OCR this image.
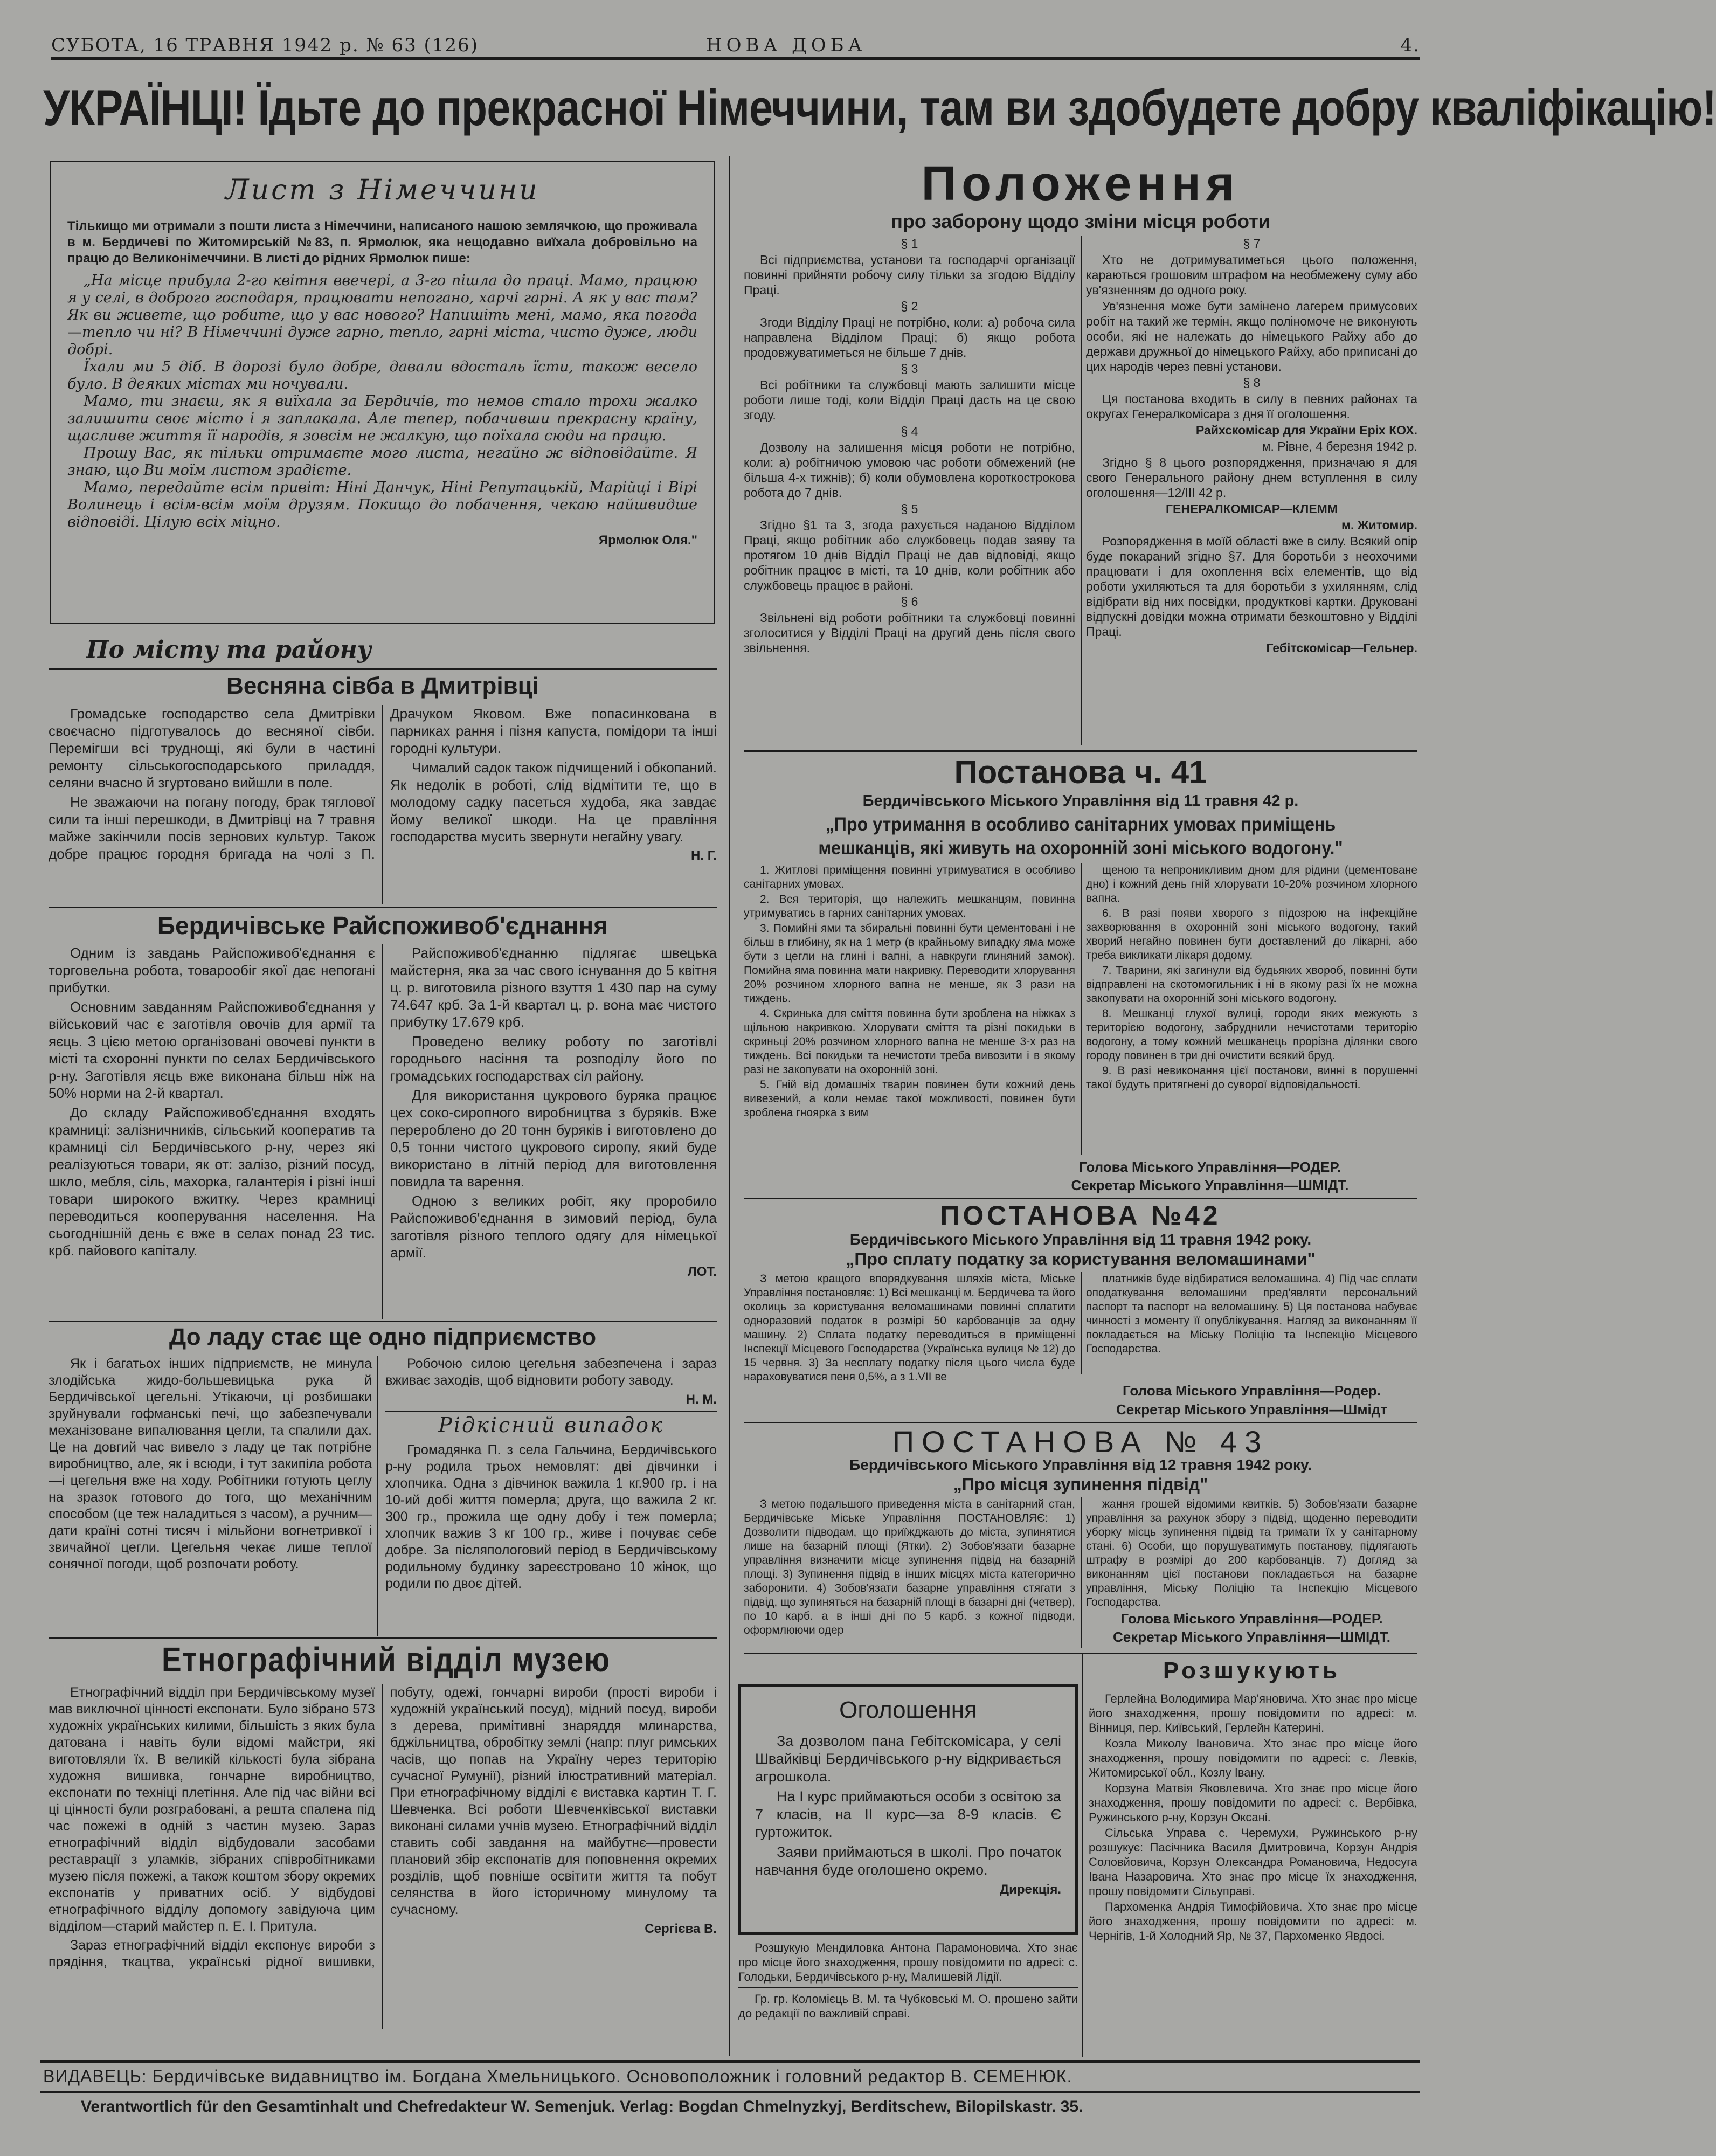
СУБОТА, 16 ТРАВНЯ 1942 р. № 63 (126)	НОВА ДОБА	4.
УКРАЇНЦІ! Їдьте до прекрасної Німеччини, там ви здобудете добру кваліфікацію!
Лист з Німеччини
Тількищо ми отримали з пошти листа з Німеччини, написаного нашою землячкою, що проживала в м. Бердичеві по Житомирській №83, п. Ярмолюк, яка нещодавно виїхала добровільно на працю до Великонімеччини. В листі до рідних Ярмолюк пише:

„На місце прибула 2-го квітня ввечері, а 3-го пішла до праці. Мамо, працюю я у селі, в доброго господаря, працювати непогано, харчі гарні. А як у вас там? Як ви живете, що робите, що у вас нового? Напишіть мені, мамо, яка погода—тепло чи ні? В Німеччині дуже гарно, тепло, гарні міста, чисто дуже, люди добрі.

Їхали ми 5 діб. В дорозі було добре, давали вдосталь їсти, також весело було. В деяких містах ми ночували.

Мамо, ти знаєш, як я виїхала за Бердичів, то немов стало трохи жалко залишити своє місто і я заплакала. Але тепер, побачивши прекрасну країну, щасливе життя її народів, я зовсім не жалкую, що поїхала сюди на працю.

Прошу Вас, як тільки отримаєте мого листа, негайно ж відповідайте. Я знаю, що Ви моїм листом зрадієте.

Мамо, передайте всім привіт: Ніні Данчук, Ніні Репутацькій, Марійці і Вірі Волинець і всім-всім моїм друзям. Покищо до побачення, чекаю найшвидше відповіді. Цілую всіх міцно.

Ярмолюк Оля."
По місту та району
Весняна сівба в Дмитрівці

Громадське господарство села Дмитрівки своєчасно підготувалось до весняної сівби. Перемігши всі труднощі, які були в частині ремонту сільськогосподарського приладдя, селяни вчасно й згуртовано вийшли в поле.

Не зважаючи на погану погоду, брак тяглової сили та інші перешкоди, в Дмитрівці на 7 травня майже закінчили посів зернових культур. Також добре працює городня бригада на чолі з П. Драчуком Яковом. Вже попасинкована в парниках рання і пізня капуста, помідори та інші городні культури.

Чималий садок також підчищений і обкопаний. Як недолік в роботі, слід відмітити те, що в молодому садку пасеться худоба, яка завдає йому великої шкоди. На це правління господарства мусить звернути негайну увагу.

Н. Г.
Бердичівське Райспоживоб'єднання

Одним із завдань Райспоживоб'єднання є торговельна робота, товарообіг якої дає непогані прибутки.

Основним завданням Райспоживоб'єднання у військовий час є заготівля овочів для армії та яєць. З цією метою організовані овочеві пункти в місті та схоронні пункти по селах Бердичівського р-ну. Заготівля яєць вже виконана більш ніж на 50% норми на 2-й квартал.

До складу Райспоживоб'єднання входять крамниці: залізничників, сільський кооператив та крамниці сіл Бердичівського р-ну, через які реалізуються товари, як от: залізо, різний посуд, шкло, мебля, сіль, махорка, галантерія і різні інші товари широкого вжитку. Через крамниці переводиться кооперування населення. На сьогоднішній день є вже в селах понад 23 тис. крб. пайового капіталу.

Райспоживоб'єднанню підлягає швецька майстерня, яка за час свого існування до 5 квітня ц. р. виготовила різного взуття 1 430 пар на суму 74.647 крб. За 1-й квартал ц. р. вона має чистого прибутку 17.679 крб.

Проведено велику роботу по заготівлі городнього насіння та розподілу його по громадських господарствах сіл району.

Для використання цукрового буряка працює цех соко-сиропного виробництва з буряків. Вже переробленo до 20 тонн буряків і виготовлено до 0,5 тонни чистого цукрового сиропу, який буде використано в літній період для виготовлення повидла та варення.

Одною з великих робіт, яку проробило Райспоживоб'єднання в зимовий період, була заготівля різного теплого одягу для німецької армії.

ЛОТ.
До ладу стає ще одно підприємство

Як і багатьох інших підприємств, не минула злодійська жидо-большевицька рука й Бердичівської цегельні. Утікаючи, ці розбишаки зруйнували гофманські печі, що забезпечували механізоване випалювання цегли, та спалили дах. Це на довгий час вивело з ладу це так потрібне виробництво, але, як і всюди, і тут закипіла робота—і цегельня вже на ходу. Робітники готують цеглу на зразок готового до того, що механічним способом (це теж наладиться з часом), а ручним—дати країні сотні тисяч і мільйони вогнетривкої і звичайної цегли. Цегельня чекає лише теплої сонячної погоди, щоб розпочати роботу.

Робочою силою цегельня забезпечена і зараз вживає заходів, щоб відновити роботу заводу.

Н. М.
Рідкісний випадок

Громадянка П. з села Гальчина, Бердичівського р-ну родила трьох немовлят: дві дівчинки і хлопчика. Одна з дівчинок важила 1 кг.900 гр. і на 10-ий добі життя померла; друга, що важила 2 кг. 300 гр., прожила ще одну добу і теж померла; хлопчик важив 3 кг 100 гр., живе і почуває себе добре. За післяпологовий період в Бердичівському родильному будинку зареєстровано 10 жінок, що родили по двоє дітей.

Етнографічний відділ музею

Етнографічний відділ при Бердичівському музеї мав виключної цінності експонати. Було зібрано 573 художніх українських килими, більшість з яких була датована і навіть були відомі майстри, які виготовляли їх. В великій кількості була зібрана художня вишивка, гончарне виробництво, експонати по техніці плетіння. Але під час війни всі ці цінності були розграбовані, а решта спалена під час пожежі в одній з частин музею. Зараз етнографічний відділ відбудовали засобами реставрації з уламків, зібраних співробітниками музею після пожежі, а також коштом збору окремих експонатів у приватних осіб. У відбудові етнографічного відділу допомогу завідуюча цим відділом—старий майстер п. Е. І. Притула.

Зараз етнографічний відділ експонує вироби з прядіння, ткацтва, українські рідної вишивки, побуту, одежі, гончарні вироби (прості вироби і художній український посуд), мідний посуд, вироби з дерева, примітивні знаряддя млинарства, бджільництва, обробітку землі (напр: плуг римських часів, що попав на Україну через територію сучасної Румунії), різний ілюстративний матеріал. При етнографічному відділі є виставка картин Т. Г. Шевченка. Всі роботи Шевченківської виставки виконані силами учнів музею. Етнографічний відділ ставить собі завдання на майбутнє—провести плановий збір експонатів для поповнення окремих розділів, щоб повніше освітити життя та побут селянства в його історичному минулому та сучасному.

Сергієва В.
Положення
про заборону щодо зміни місця роботи

§ 1

Всі підприємства, установи та господарчі організації повинні прийняти робочу силу тільки за згодою Відділу Праці.

§ 2

Згоди Відділу Праці не потрібно, коли: а) робоча сила направлена Відділом Праці; б) якщо робота продовжуватиметься не більше 7 днів.

§ 3

Всі робітники та службовці мають залишити місце роботи лише тоді, коли Відділ Праці дасть на це свою згоду.

§ 4

Дозволу на залишення місця роботи не потрібно, коли: а) робітничою умовою час роботи обмежений (не більша 4-х тижнів); б) коли обумовлена короткострокова робота до 7 днів.

§ 5

Згідно §1 та 3, згода рахується наданою Відділом Праці, якщо робітник або службовець подав заяву та протягом 10 днів Відділ Праці не дав відповіді, якщо робітник працює в місті, та 10 днів, коли робітник або службовець працює в районі.

§ 6

Звільнені від роботи робітники та службовці повинні зголоситися у Відділі Праці на другий день після свого звільнення.

§ 7

Хто не дотримуватиметься цього положення, караються грошовим штрафом на необмежену суму або ув'язненням до одного року.

Ув'язнення може бути замінено лагерем примусових робіт на такий же термін, якщо поліномоче не виконують особи, які не належать до німецького Райху або до держави дружньої до німецького Райху, або приписані до цих народів через певні установи.

§ 8

Ця постанова входить в силу в певних районах та округах Генералкомісара з дня її оголошення.

Райхскомісар для України Еріх КОХ.

м. Рівне, 4 березня 1942 р.

Згідно § 8 цього розпорядження, призначаю я для свого Генерального району днем вступлення в силу оголошення—12/III 42 р.

ГЕНЕРАЛКОМІСАР—КЛЕММ

м. Житомир.

Розпорядження в моїй області вже в силу. Всякий опір буде покараний згідно §7. Для боротьби з неохочими працювати і для охоплення всіх елементів, що від роботи ухиляються та для боротьби з ухилянням, слід відібрати від них посвідки, продукткові картки. Друковані відпускні довідки можна отримати безкоштовно у Відділі Праці.

Гебітскомісар—Гельнер.

Постанова ч. 41
Бердичівського Міського Управління від 11 травня 42 р.
„Про утримання в особливо санітарних умовах приміщень мешканців, які живуть на охоронній зоні міського водогону."

1. Житлові приміщення повинні утримуватися в особливо санітарних умовах.

2. Вся територія, що належить мешканцям, повинна утримуватись в гарних санітарних умовах.

3. Помийні ями та збиральні повинні бути цементовані і не більш в глибину, як на 1 метр (в крайньому випадку яма може бути з цегли на глині і вапні, а навкруги глиняний замок). Помийна яма повинна мати накривку. Переводити хлорування 20% розчином хлорного вапна не менше, як 3 рази на тиждень.

4. Скринька для сміття повинна бути зроблена на ніжках з щільною накривкою. Хлорувати сміття та різні покидьки в скриньці 20% розчином хлорного вапна не менше 3-х раз на тиждень. Всі покидьки та нечистоти треба вивозити і в якому разі не закопувати на охоронній зоні.

5. Гній від домашніх тварин повинен бути кожний день вивезений, а коли немає такої можливості, повинен бути зроблена гноярка з вим

щеною та непроникливим дном для рідини (цементоване дно) і кожний день гній хлорувати 10-20% розчином хлорного вапна.

6. В разі появи хворого з підозрою на інфекційне захворювання в охоронній зоні міського водогону, такий хворий негайно повинен бути доставлений до лікарні, або треба викликати лікаря додому.

7. Тварини, які загинули від будьяких хвороб, повинні бути відправлені на скотомогильник і ні в якому разі їх не можна закопувати на охоронній зоні міського водогону.

8. Мешканці глухої вулиці, городи яких межують з територією водогону, забруднили нечистотами територію водогону, а тому кожний мешканець прорізна ділянки свого городу повинен в три дні очистити всякий бруд.

9. В разі невиконання цієї постанови, винні в порушенні такої будуть притягнені до суворої відповідальності.

Голова Міського Управління—РОДЕР.
Секретар Міського Управління—ШМІДТ.
ПОСТАНОВА №42
Бердичівського Міського Управління від 11 травня 1942 року.
„Про сплату податку за користування веломашинами"

З метою кращого впорядкування шляхів міста, Міське Управління постановляє: 1) Всі мешканці м. Бердичева та його околиць за користування веломашинами повинні сплатити одноразовий податок в розмірі 50 карбованців за одну машину. 2) Сплата податку переводиться в приміщенні Інспекції Місцевого Господарства (Українська вулиця № 12) до 15 червня. 3) За несплату податку після цього числа буде нараховуватися пеня 0,5%, а з 1.VII ве

платників буде відбиратися веломашина. 4) Під час сплати оподаткування веломашини пред'являти персональний паспорт та паспорт на веломашину. 5) Ця постанова набуває чинності з моменту її опублікування. Нагляд за виконанням її покладається на Міську Поліцію та Інспекцію Місцевого Господарства.

Голова Міського Управління—Родер.
Секретар Міського Управління—Шмідт
ПОСТАНОВА № 43
Бердичівського Міського Управління від 12 травня 1942 року.
„Про місця зупинення підвід"

З метою подальшого приведення міста в санітарний стан, Бердичівське Міське Управління ПОСТАНОВЛЯЄ: 1) Дозволити підводам, що приїжджають до міста, зупинятися лише на базарній площі (Ятки). 2) Зобов'язати базарне управління визначити місце зупинення підвід на базарній площі. 3) Зупинення підвід в інших місцях міста категорично заборонити. 4) Зобов'язати базарне управління стягати з підвід, що зупиняться на базарній площі в базарні дні (четвер), по 10 карб. а в інші дні по 5 карб. з кожної підводи, оформлюючи одер

жання грошей відомими квитків. 5) Зобов'язати базарне управління за рахунок збору з підвід, щоденно переводити уборку місць зупинення підвід та тримати їх у санітарному стані. 6) Особи, що порушуватимуть постанову, підлягають штрафу в розмірі до 200 карбованців. 7) Догляд за виконанням цієї постанови покладається на базарне управління, Міську Поліцію та Інспекцію Місцевого Господарства.

Голова Міського Управління—РОДЕР.
Секретар Міського Управління—ШМІДТ.
Оголошення

За дозволом пана Гебітскомісара, у селі Швайківці Бердичівського р-ну відкривається агрошкола.

На I курс приймаються особи з освітою за 7 класів, на II курс—за 8-9 класів. Є гуртожиток.

Заяви приймаються в школі. Про початок навчання буде оголошено окремо.

Дирекція.

Розшукую Мендиловка Антона Парамоновича. Хто знає про місце його знаходження, прошу повідомити по адресі: с. Голодьки, Бердичівського р-ну, Малишевій Лідії.

Гр. гр. Коломієць В. М. та Чубковські М. О. прошено зайти до редакції по важливій справі.

Розшукують

Герлейна Володимира Мар'яновича. Хто знає про місце його знаходження, прошу повідомити по адресі: м. Вінниця, пер. Київський, Герлейн Катерині.

Козла Миколу Івановича. Хто знає про місце його знаходження, прошу повідомити по адресі: с. Левків, Житомирської обл., Козлу Івану.

Корзуна Матвія Яковлевича. Хто знає про місце його знаходження, прошу повідомити по адресі: с. Вербівка, Ружинського р-ну, Корзун Оксані.

Сільська Управа с. Черемухи, Ружинського р-ну розшукує: Пасічника Василя Дмитровича, Корзун Андрія Соловйовича, Корзун Олександра Романовича, Недосуга Івана Назаровича. Хто знає про місце їх знаходження, прошу повідомити Сільуправі.

Пархоменка Андрія Тимофійовича. Хто знає про місце його знаходження, прошу повідомити по адресі: м. Чернігів, 1-й Холодний Яр, № 37, Пархоменко Явдосі.

ВИДАВЕЦЬ: Бердичівське видавництво ім. Богдана Хмельницького. Основоположник і головний редактор В. СЕМЕНЮК.
Verantwortlich für den Gesamtinhalt und Chefredakteur W. Semenjuk. Verlag: Bogdan Chmelnyzkyj, Berditschew, Bilopilskastr. 35.
